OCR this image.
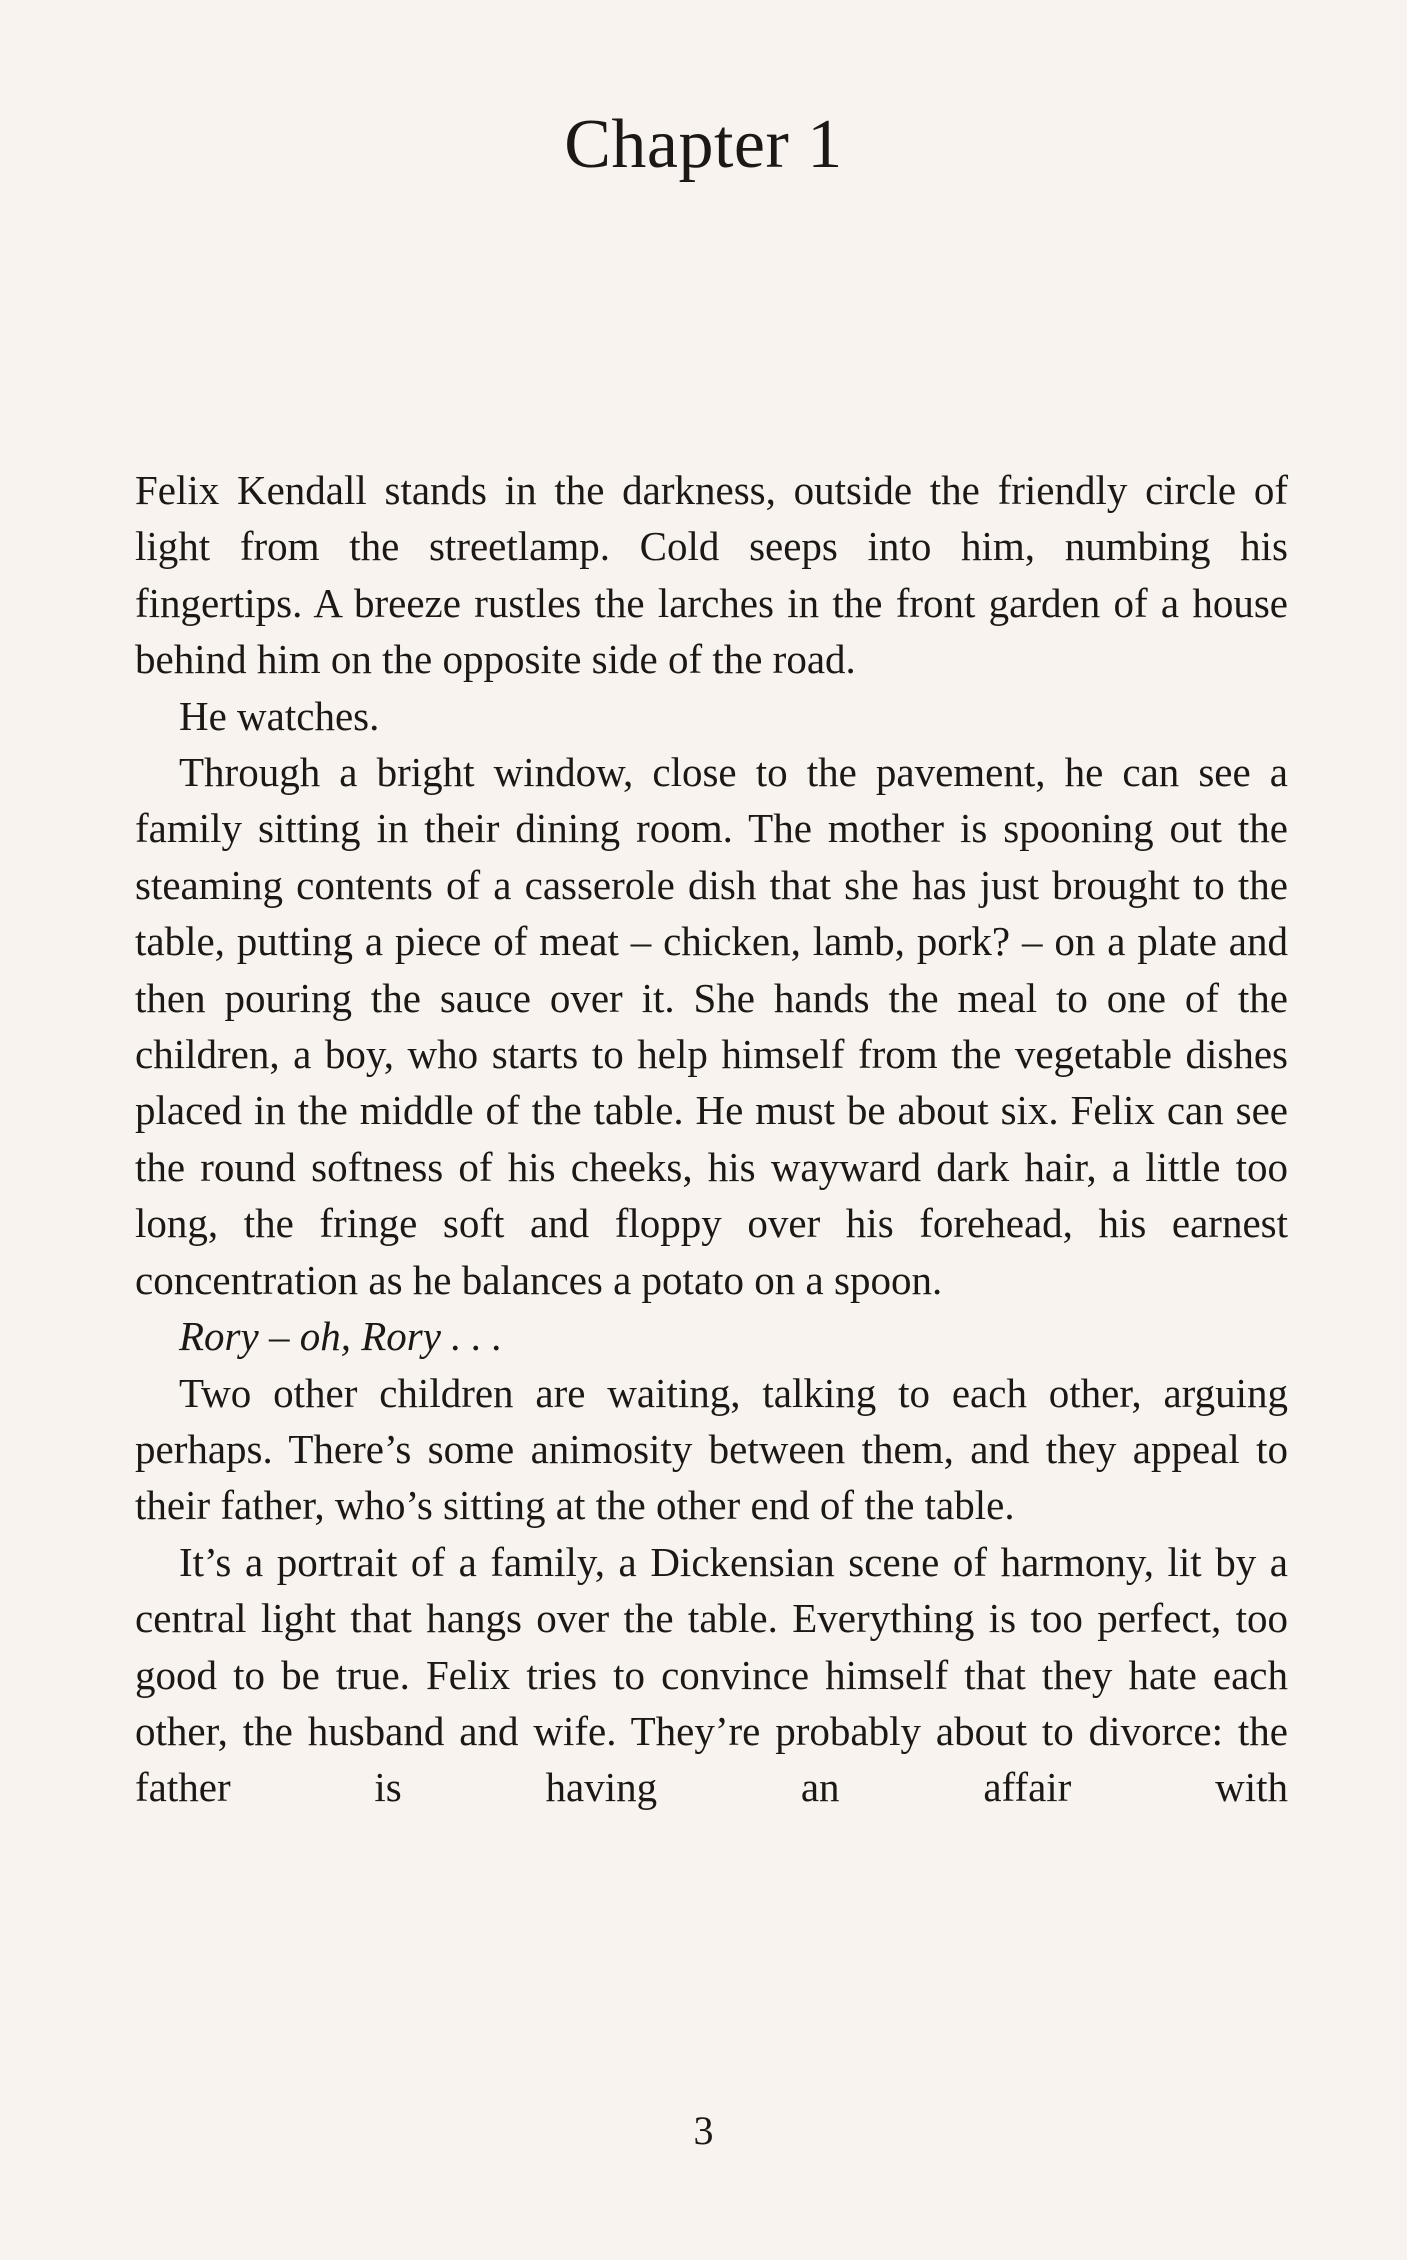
Chapter 1

Felix Kendall stands in the darkness, outside the friendly circle of light from the streetlamp. Cold seeps into him, numbing his fingertips. A breeze rustles the larches in the front garden of a house behind him on the opposite side of the road.

He watches.

Through a bright window, close to the pavement, he can see a family sitting in their dining room. The mother is spooning out the steaming contents of a casserole dish that she has just brought to the table, putting a piece of meat – chicken, lamb, pork? – on a plate and then pouring the sauce over it. She hands the meal to one of the children, a boy, who starts to help himself from the vegetable dishes placed in the middle of the table. He must be about six. Felix can see the round softness of his cheeks, his wayward dark hair, a little too long, the fringe soft and floppy over his forehead, his earnest concentration as he balances a potato on a spoon.

Rory – oh, Rory . . .

Two other children are waiting, talking to each other, arguing perhaps. There’s some animosity between them, and they appeal to their father, who’s sitting at the other end of the table.

It’s a portrait of a family, a Dickensian scene of harmony, lit by a central light that hangs over the table. Everything is too perfect, too good to be true. Felix tries to convince himself that they hate each other, the husband and wife. They’re probably about to divorce: the father is having an affair with

3
